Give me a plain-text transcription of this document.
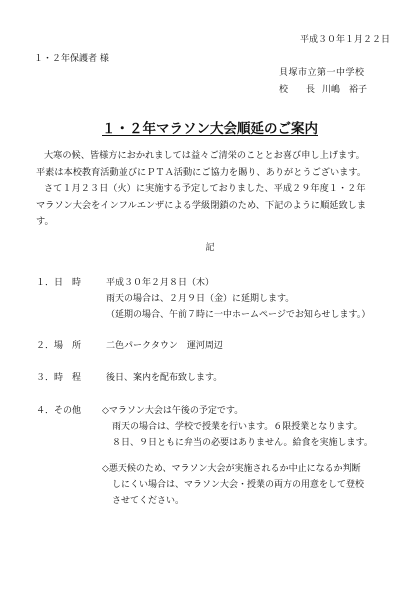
平成３０年１月２２日
１・２年保護者 様
貝塚市立第一中学校
校　　長 川嶋　裕子
１・２年マラソン大会順延のご案内
大寒の候、皆様方におかれましては益々ご清栄のこととお喜び申し上げます。
平素は本校教育活動並びにＰＴＡ活動にご協力を賜り、ありがとうございます。
さて１月２３日（火）に実施する予定しておりました、平成２９年度１・２年
マラソン大会をインフルエンザによる学級閉鎖のため、下記のように順延致しま
す。
記
１．日　時	平成３０年２月８日（木）
雨天の場合は、２月９日（金）に延期します。
（延期の場合、午前７時に一中ホームページでお知らせします。）
２．場　所	二色パークタウン　運河周辺
３．時　程	後日、案内を配布致します。
４．その他 ◇マラソン大会は午後の予定です。
雨天の場合は、学校で授業を行います。６限授業となります。
８日、９日ともに弁当の必要はありません。給食を実施します。
◇悪天候のため、マラソン大会が実施されるか中止になるか判断
しにくい場合は、マラソン大会・授業の両方の用意をして登校
させてください。
